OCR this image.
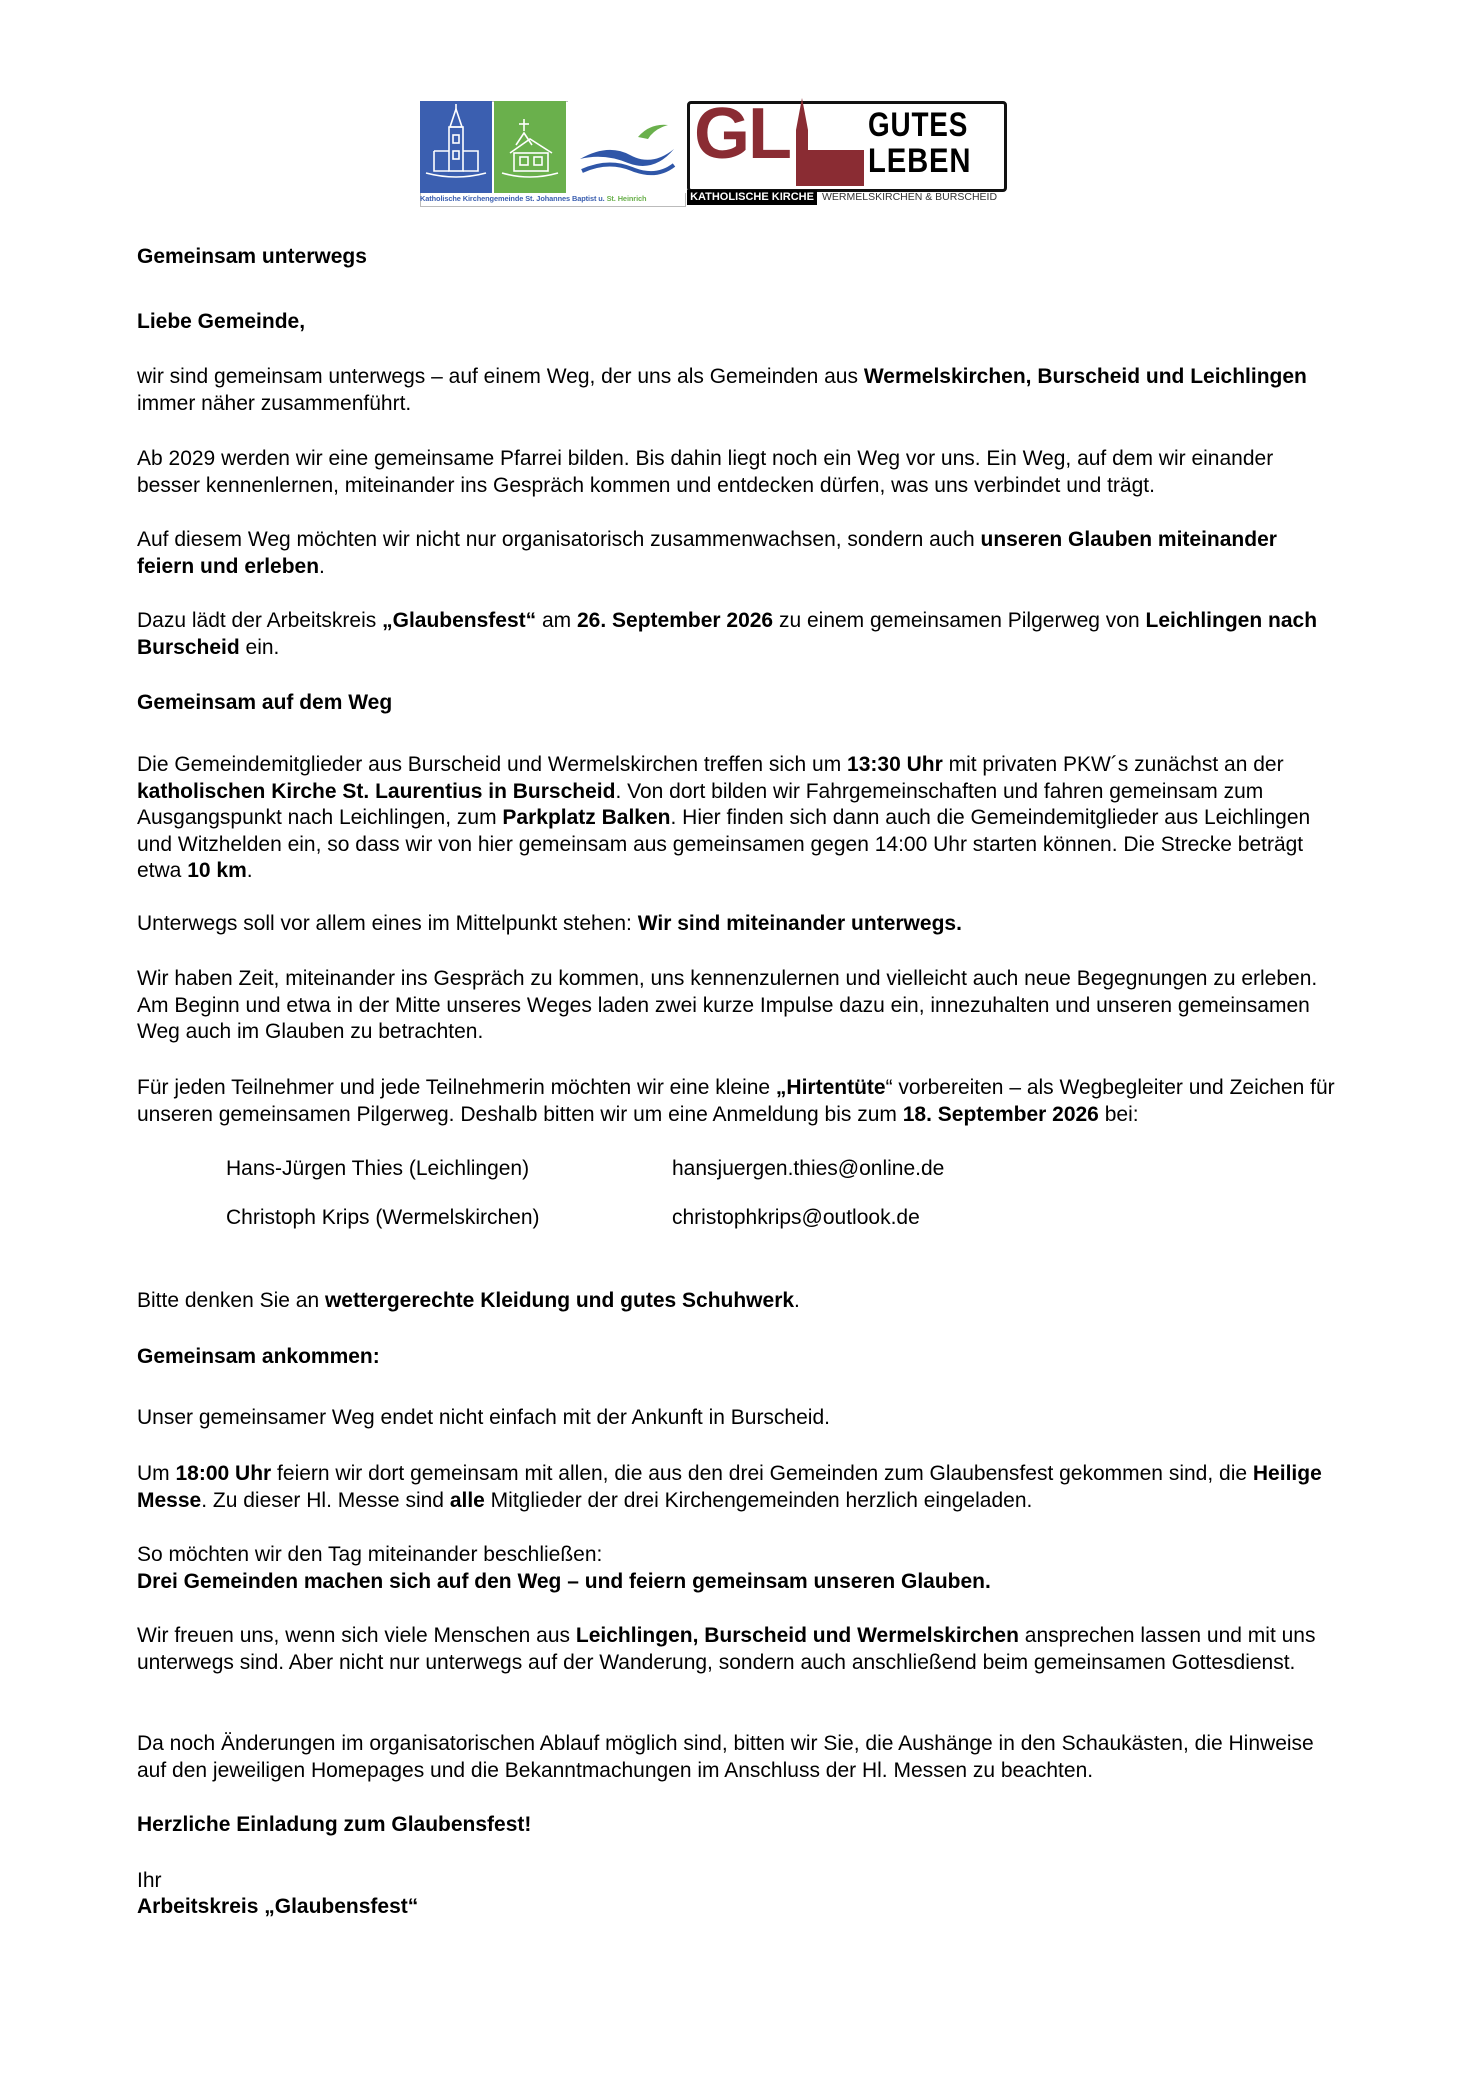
Katholische Kirchengemeinde St. Johannes Baptist u. St. Heinrich
GL GUTES
LEBEN
KATHOLISCHE KIRCHE WERMELSKIRCHEN & BURSCHEID

Gemeinsam unterwegs

Liebe Gemeinde,

wir sind gemeinsam unterwegs – auf einem Weg, der uns als Gemeinden aus Wermelskirchen, Burscheid und Leichlingen immer näher zusammenführt.

Ab 2029 werden wir eine gemeinsame Pfarrei bilden. Bis dahin liegt noch ein Weg vor uns. Ein Weg, auf dem wir einander besser kennenlernen, miteinander ins Gespräch kommen und entdecken dürfen, was uns verbindet und trägt.

Auf diesem Weg möchten wir nicht nur organisatorisch zusammenwachsen, sondern auch unseren Glauben miteinander feiern und erleben.

Dazu lädt der Arbeitskreis „Glaubensfest“ am 26. September 2026 zu einem gemeinsamen Pilgerweg von Leichlingen nach Burscheid ein.

Gemeinsam auf dem Weg

Die Gemeindemitglieder aus Burscheid und Wermelskirchen treffen sich um 13:30 Uhr mit privaten PKW´s zunächst an der katholischen Kirche St. Laurentius in Burscheid. Von dort bilden wir Fahrgemeinschaften und fahren gemeinsam zum Ausgangspunkt nach Leichlingen, zum Parkplatz Balken. Hier finden sich dann auch die Gemeindemitglieder aus Leichlingen und Witzhelden ein, so dass wir von hier gemeinsam aus gemeinsamen gegen 14:00 Uhr starten können. Die Strecke beträgt etwa 10 km.

Unterwegs soll vor allem eines im Mittelpunkt stehen: Wir sind miteinander unterwegs.

Wir haben Zeit, miteinander ins Gespräch zu kommen, uns kennenzulernen und vielleicht auch neue Begegnungen zu erleben. Am Beginn und etwa in der Mitte unseres Weges laden zwei kurze Impulse dazu ein, innezuhalten und unseren gemeinsamen Weg auch im Glauben zu betrachten.

Für jeden Teilnehmer und jede Teilnehmerin möchten wir eine kleine „Hirtentüte“ vorbereiten – als Wegbegleiter und Zeichen für unseren gemeinsamen Pilgerweg. Deshalb bitten wir um eine Anmeldung bis zum 18. September 2026 bei:

Hans-Jürgen Thies (Leichlingen)	hansjuergen.thies@online.de
Christoph Krips (Wermelskirchen)	christophkrips@outlook.de

Bitte denken Sie an wettergerechte Kleidung und gutes Schuhwerk.

Gemeinsam ankommen:

Unser gemeinsamer Weg endet nicht einfach mit der Ankunft in Burscheid.

Um 18:00 Uhr feiern wir dort gemeinsam mit allen, die aus den drei Gemeinden zum Glaubensfest gekommen sind, die Heilige Messe. Zu dieser Hl. Messe sind alle Mitglieder der drei Kirchengemeinden herzlich eingeladen.

So möchten wir den Tag miteinander beschließen:
Drei Gemeinden machen sich auf den Weg – und feiern gemeinsam unseren Glauben.

Wir freuen uns, wenn sich viele Menschen aus Leichlingen, Burscheid und Wermelskirchen ansprechen lassen und mit uns unterwegs sind. Aber nicht nur unterwegs auf der Wanderung, sondern auch anschließend beim gemeinsamen Gottesdienst.

Da noch Änderungen im organisatorischen Ablauf möglich sind, bitten wir Sie, die Aushänge in den Schaukästen, die Hinweise auf den jeweiligen Homepages und die Bekanntmachungen im Anschluss der Hl. Messen zu beachten.

Herzliche Einladung zum Glaubensfest!

Ihr

Arbeitskreis „Glaubensfest“
